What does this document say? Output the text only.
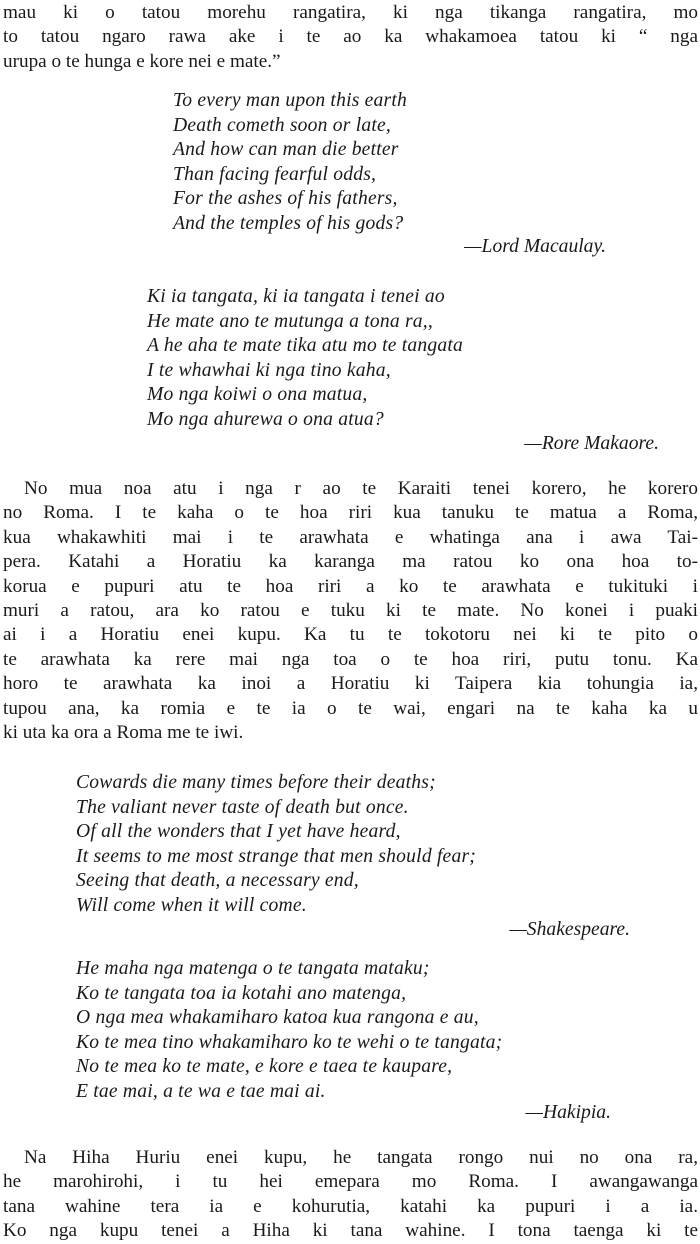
mau ki o tatou morehu rangatira, ki nga tikanga rangatira, mo
to tatou ngaro rawa ake i te ao ka whakamoea tatou ki “ nga
urupa o te hunga e kore nei e mate.”
To every man upon this earth
Death cometh soon or late,
And how can man die better
Than facing fearful odds,
For the ashes of his fathers,
And the temples of his gods?
—Lord Macaulay.
Ki ia tangata, ki ia tangata i tenei ao
He mate ano te mutunga a tona ra,,
A he aha te mate tika atu mo te tangata
I te whawhai ki nga tino kaha,
Mo nga koiwi o ona matua,
Mo nga ahurewa o ona atua?
—Rore Makaore.
No mua noa atu i nga r ao te Karaiti tenei korero, he korero
no Roma. I te kaha o te hoa riri kua tanuku te matua a Roma,
kua whakawhiti mai i te arawhata e whatinga ana i awa Tai-
pera. Katahi a Horatiu ka karanga ma ratou ko ona hoa to-
korua e pupuri atu te hoa riri a ko te arawhata e tukituki i
muri a ratou, ara ko ratou e tuku ki te mate. No konei i puaki
ai i a Horatiu enei kupu. Ka tu te tokotoru nei ki te pito o
te arawhata ka rere mai nga toa o te hoa riri, putu tonu. Ka
horo te arawhata ka inoi a Horatiu ki Taipera kia tohungia ia,
tupou ana, ka romia e te ia o te wai, engari na te kaha ka u
ki uta ka ora a Roma me te iwi.
Cowards die many times before their deaths;
The valiant never taste of death but once.
Of all the wonders that I yet have heard,
It seems to me most strange that men should fear;
Seeing that death, a necessary end,
Will come when it will come.
—Shakespeare.
He maha nga matenga o te tangata mataku;
Ko te tangata toa ia kotahi ano matenga,
O nga mea whakamiharo katoa kua rangona e au,
Ko te mea tino whakamiharo ko te wehi o te tangata;
No te mea ko te mate, e kore e taea te kaupare,
E tae mai, a te wa e tae mai ai.
—Hakipia.
Na Hiha Huriu enei kupu, he tangata rongo nui no ona ra,
he marohirohi, i tu hei emepara mo Roma. I awangawanga
tana wahine tera ia e kohurutia, katahi ka pupuri i a ia.
Ko nga kupu tenei a Hiha ki tana wahine. I tona taenga ki te
